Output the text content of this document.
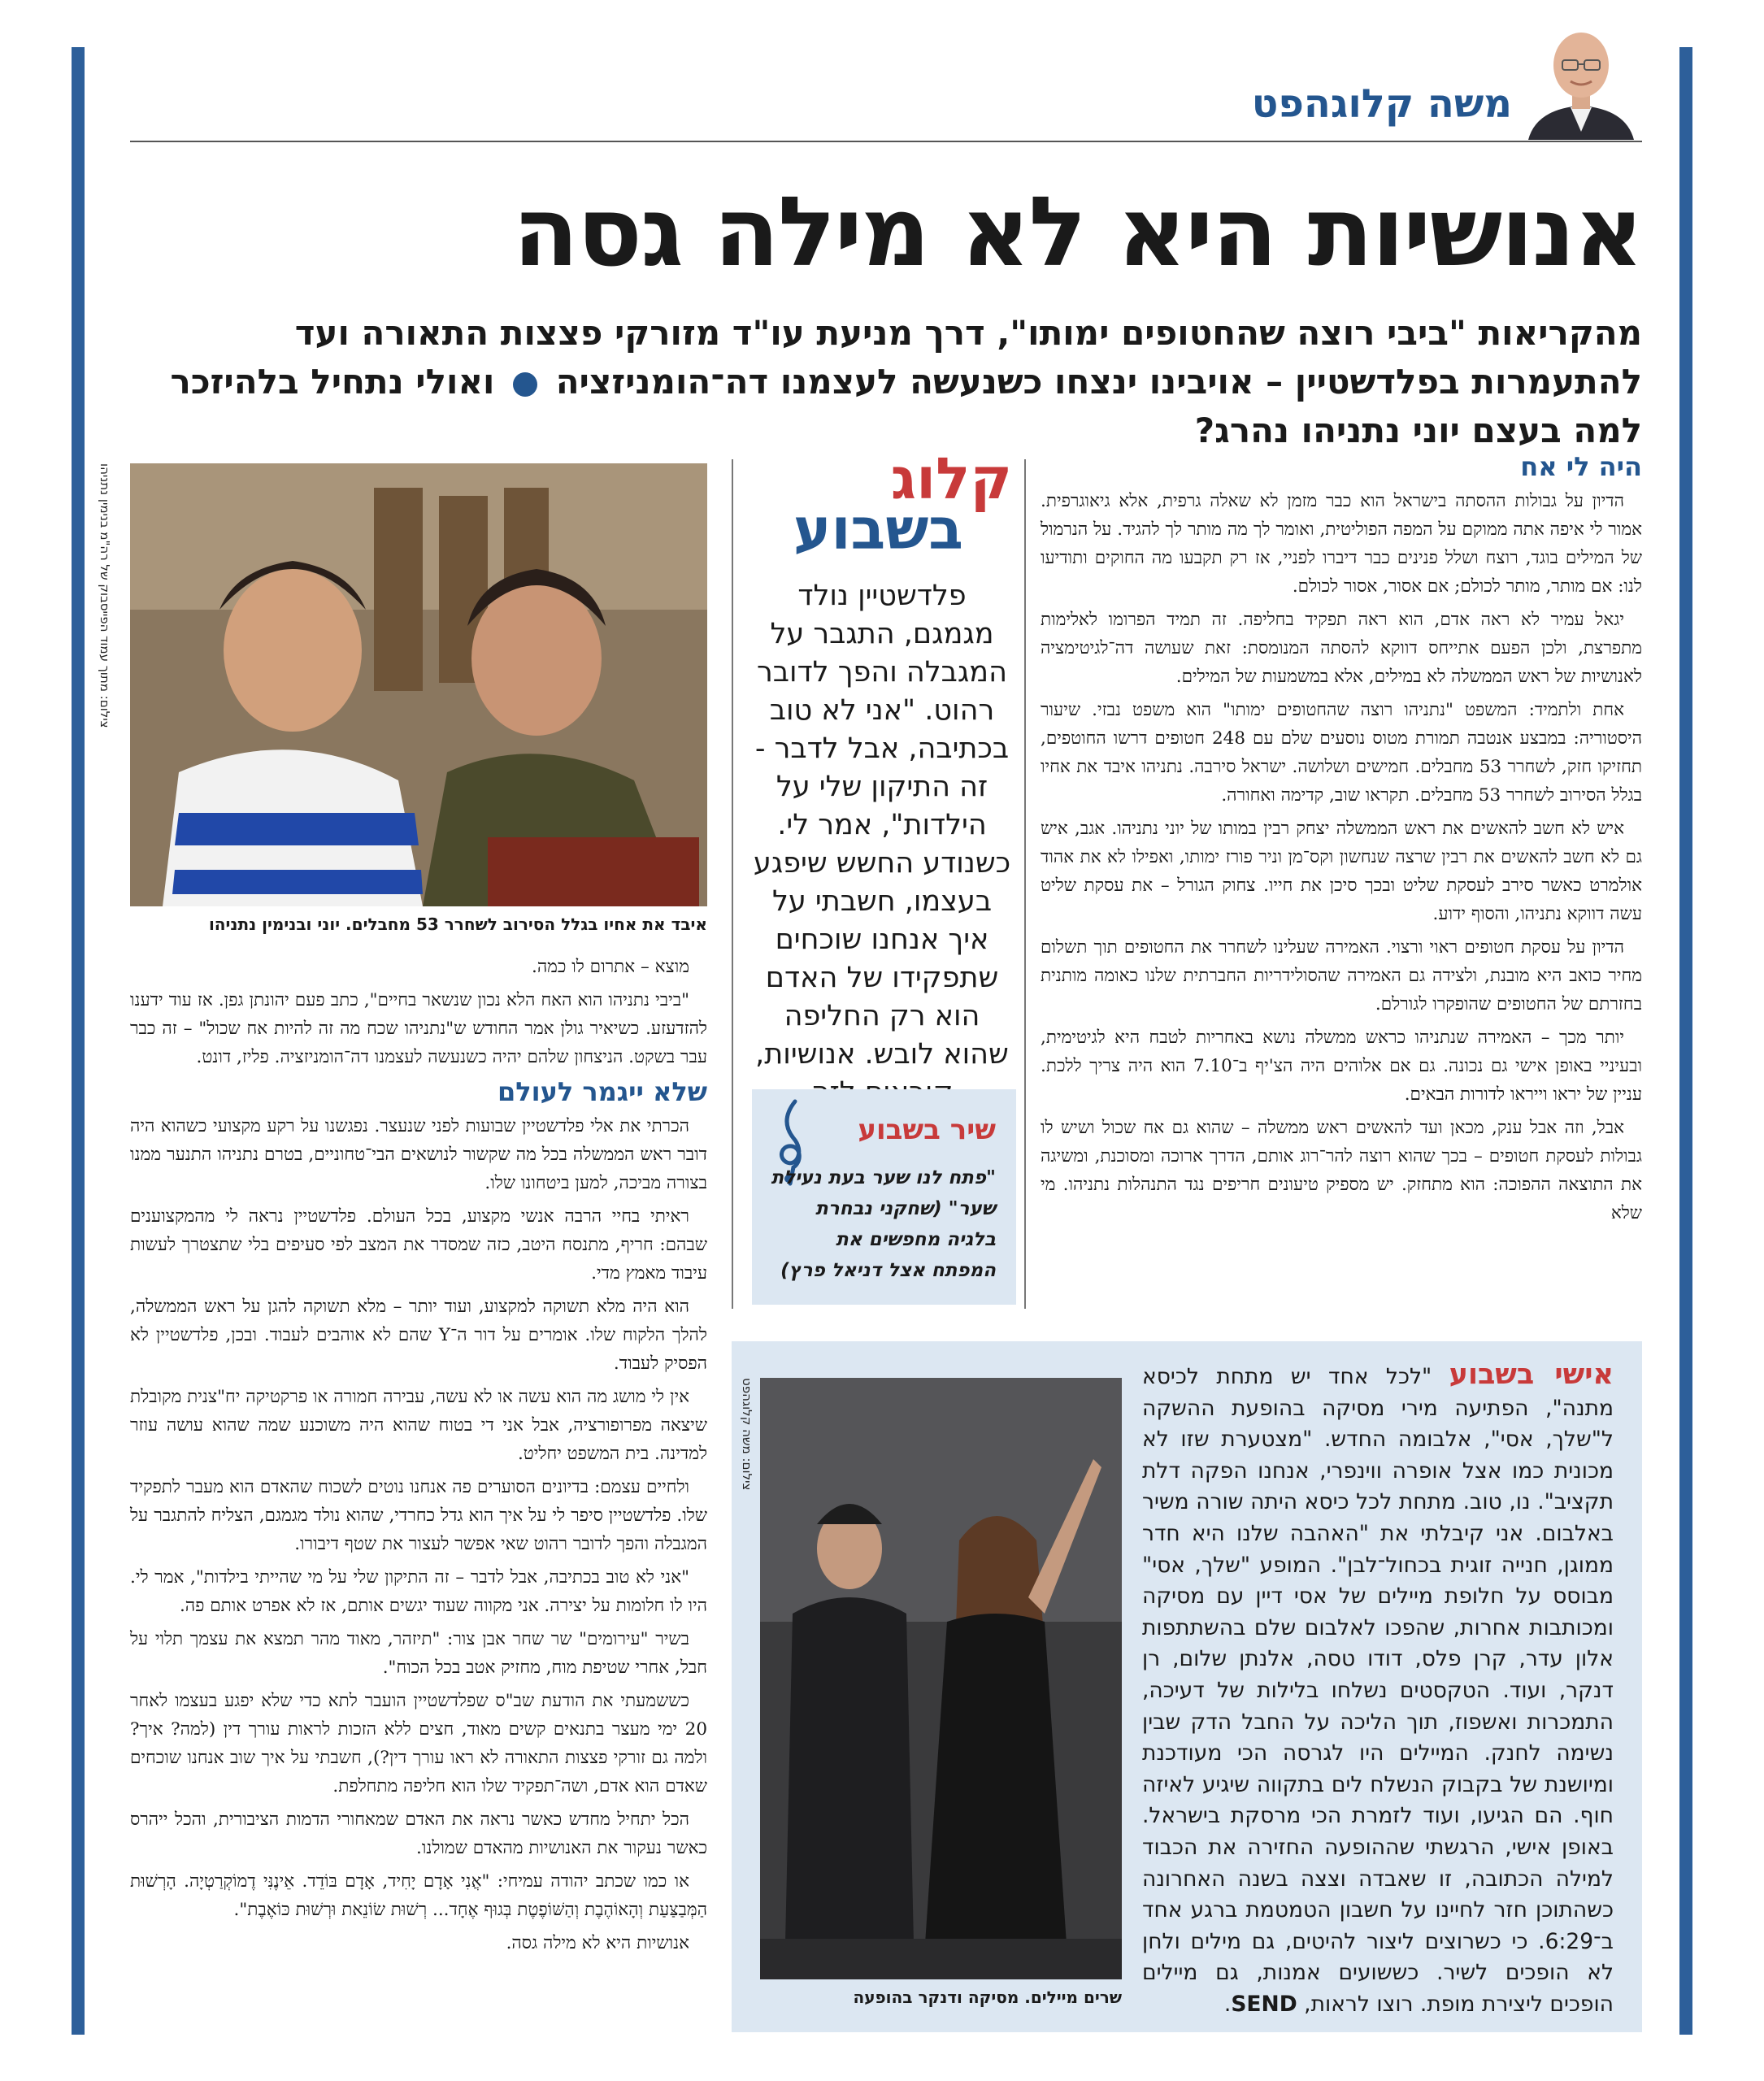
משה קלוגהפט
אנושיות היא לא מילה גסה
מהקריאות "ביבי רוצה שהחטופים ימותו", דרך מניעת עו"ד מזורקי פצצות התאורה ועד להתעמרות בפלדשטיין – אויבינו ינצחו כשנעשה לעצמנו דה־הומניזציה  ואולי נתחיל בלהיזכר למה בעצם יוני נתניהו נהרג?
היה לי אח

הדיון על גבולות ההסתה בישראל הוא כבר מזמן לא שאלה גרפית, אלא גיאוגרפית. אמור לי איפה אתה ממוקם על המפה הפוליטית, ואומר לך מה מותר לך להגיד. על הנרמול של המילים בוגד, רוצח ושלל פנינים כבר דיברו לפניי, אז רק תקבעו מה החוקים ותודיעו לנו: אם מותר, מותר לכולם; אם אסור, אסור לכולם.

יגאל עמיר לא ראה אדם, הוא ראה תפקיד בחליפה. זה תמיד הפרומו לאלימות מתפרצת, ולכן הפעם אתייחס דווקא להסתה המנומסת: זאת שעושה דה־לגיטימציה לאנושיות של ראש הממשלה לא במילים, אלא במשמעות של המילים.

אחת ולתמיד: המשפט "נתניהו רוצה שהחטופים ימותו" הוא משפט נבזי. שיעור היסטוריה: במבצע אנטבה תמורת מטוס נוסעים שלם עם 248 חטופים דרשו החוטפים, תחזיקו חזק, לשחרר 53 מחבלים. חמישים ושלושה. ישראל סירבה. נתניהו איבד את אחיו בגלל הסירוב לשחרר 53 מחבלים. תקראו שוב, קדימה ואחורה.

איש לא חשב להאשים את ראש הממשלה יצחק רבין במותו של יוני נתניהו. אגב, איש גם לא חשב להאשים את רבין שרצה שנחשון וקס־מן וניר פורז ימותו, ואפילו לא את אהוד אולמרט כאשר סירב לעסקת שליט ובכך סיכן את חייו. צחוק הגורל – את עסקת שליט עשה דווקא נתניהו, והסוף ידוע.

הדיון על עסקת חטופים ראוי ורצוי. האמירה שעלינו לשחרר את החטופים תוך תשלום מחיר כואב היא מובנת, ולצידה גם האמירה שהסולידריות החברתית שלנו כאומה מותנית בחזרתם של החטופים שהופקרו לגורלם.

יותר מכך – האמירה שנתניהו כראש ממשלה נושא באחריות לטבח היא לגיטימית, ובעיניי באופן אישי גם נכונה. גם אם אלוהים היה הצ'יף ב־7.10 הוא היה צריך ללכת. עניין של יראו וייראו לדורות הבאים.

אבל, וזה אבל ענק, מכאן ועד להאשים ראש ממשלה – שהוא גם אח שכול ושיש לו גבולות לעסקת חטופים – בכך שהוא רוצה להר־רוג אותם, הדרך ארוכה ומסוכנת, ומשיגה את התוצאה ההפוכה: הוא מתחזק. יש מספיק טיעונים חריפים נגד התנהלות נתניהו. מי שלא

קלוג
בשבוע
פלדשטיין נולד מגמגם, התגבר על המגבלה והפך לדובר רהוט. "אני לא טוב בכתיבה, אבל לדבר - זה התיקון שלי על הילדות", אמר לי. כשנודע החשש שיפגע בעצמו, חשבתי על איך אנחנו שוכחים שתפקידו של האדם הוא רק החליפה שהוא לובש. אנושיות,
שיר בשבוע
"פתח לנו שער בעת נעילת שער" (שחקני נבחרת בלגיה מחפשים את המפתח אצל דניאל פרץ)
צילום: מתוך עמוד הפייסבוק של רה"מ בנימין נתניהו
איבד את אחיו בגלל הסירוב לשחרר 53 מחבלים. יוני ובנימין נתניהו

מוצא – אתרום לו כמה.

"ביבי נתניהו הוא האח הלא נכון שנשאר בחיים", כתב פעם יהונתן גפן. אז עוד ידענו להזדעזע. כשיאיר גולן אמר החודש ש"נתניהו שכח מה זה להיות אח שכול" – זה כבר עבר בשקט. הניצחון שלהם יהיה כשנעשה לעצמנו דה־הומניזציה. פליז, דונט.

שלא ייגמר לעולם

הכרתי את אלי פלדשטיין שבועות לפני שנעצר. נפגשנו על רקע מקצועי כשהוא היה דובר ראש הממשלה בכל מה שקשור לנושאים הבי־טחוניים, בטרם נתניהו התנער ממנו בצורה מביכה, למען ביטחונו שלו.

ראיתי בחיי הרבה אנשי מקצוע, בכל העולם. פלדשטיין נראה לי מהמקצוענים שבהם: חריף, מתנסח היטב, כזה שמסדר את המצב לפי סעיפים בלי שתצטרך לעשות עיבוד מאמץ מדי.

הוא היה מלא תשוקה למקצוע, ועוד יותר – מלא תשוקה להגן על ראש הממשלה, להלך הלקוח שלו. אומרים על דור ה־Y שהם לא אוהבים לעבוד. ובכן, פלדשטיין לא הפסיק לעבוד.

אין לי מושג מה הוא עשה או לא עשה, עבירה חמורה או פרקטיקה יח"צנית מקובלת שיצאה מפרופורציה, אבל אני די בטוח שהוא היה משוכנע שמה שהוא עושה עוזר למדינה. בית המשפט יחליט.

ולחיים עצמם: בדיונים הסוערים פה אנחנו נוטים לשכוח שהאדם הוא מעבר לתפקיד שלו. פלדשטיין סיפר לי על איך הוא גדל כחרדי, שהוא נולד מגמגם, הצליח להתגבר על המגבלה והפך לדובר רהוט שאי אפשר לעצור את שטף דיבורו.

"אני לא טוב בכתיבה, אבל לדבר – זה התיקון שלי על מי שהייתי בילדות", אמר לי. היו לו חלומות על יצירה. אני מקווה שעוד יגשים אותם, אז לא אפרט אותם פה.

בשיר "עירומים" שר שחר אבן צור: "תיזהר, מאוד מהר תמצא את עצמך תלוי על חבל, אחרי שטיפת מוח, מחזיק אטב בכל הכוח".

כששמעתי את הודעת שב"ס שפלדשטיין הועבר לתא כדי שלא יפגע בעצמו לאחר 20 ימי מעצר בתנאים קשים מאוד, חצים ללא הזכות לראות עורך דין (למה? איך? ולמה גם זורקי פצצות התאורה לא ראו עורך דין?), חשבתי על איך שוב אנחנו שוכחים שאדם הוא אדם, ושה־תפקיד שלו הוא חליפה מתחלפת.

הכל יתחיל מחדש כאשר נראה את האדם שמאחורי הדמות הציבורית, והכל ייהרס כאשר נעקור את האנושיות מהאדם שמולנו.

או כמו שכתב יהודה עמיחי: "אֲנִי אָדָם יָחִיד, אָדָם בּוֹדֵד. אֵינֶנִּי דֶמוֹקְרַטְיָה. הָרְשׁוּת הַמְּבַצַּעַת וְהָאוֹהֶבֶת וְהַשּׁוֹפֶטֶת בְּגוּף אֶחָד... רְשׁוּת שׂוֹנֵאת וּרְשׁוּת כּוֹאֶבֶת".

אנושיות היא לא מילה גסה.

צילום: משה קלוגהפט
שרים מיילים. מסיקה ודנקר בהופעה
אישי בשבוע "לכל אחד יש מתחת לכיסא מתנה", הפתיעה מירי מסיקה בהופעת ההשקה ל"שלך, אסי", אלבומה החדש. "מצטערת שזו לא מכונית כמו אצל אופרה ווינפרי, אנחנו הפקה דלת תקציב". נו, טוב. מתחת לכל כיסא היתה שורה משיר באלבום. אני קיבלתי את "האהבה שלנו היא חדר ממוגן, חנייה זוגית בכחול־לבן". המופע "שלך, אסי" מבוסס על חלופת מיילים של אסי דיין עם מסיקה ומכותבות אחרות, שהפכו לאלבום שלם בהשתתפות אלון עדר, קרן פלס, דודו טסה, אלנתן שלום, רן דנקר, ועוד. הטקסטים נשלחו בלילות של דעיכה, התמכרות ואשפוז, תוך הליכה על החבל הדק שבין נשימה לחנק. המיילים היו לגרסה הכי מעודכנת ומיושנת של בקבוק הנשלח לים בתקווה שיגיע לאיזה חוף. הם הגיעו, ועוד לזמרת הכי מרסקת בישראל. באופן אישי, הרגשתי שההופעה החזירה את הכבוד למילה הכתובה, זו שאבדה וצצה בשנה האחרונה כשהתוכן חזר לחיינו על חשבון הטמטמת ברגע אחד ב־6:29. כי כשרוצים ליצור להיטים, גם מילים ולחן לא הופכים לשיר. כששועים אמנות, גם מיילים הופכים ליצירת מופת. רוצו לראות, SEND.
